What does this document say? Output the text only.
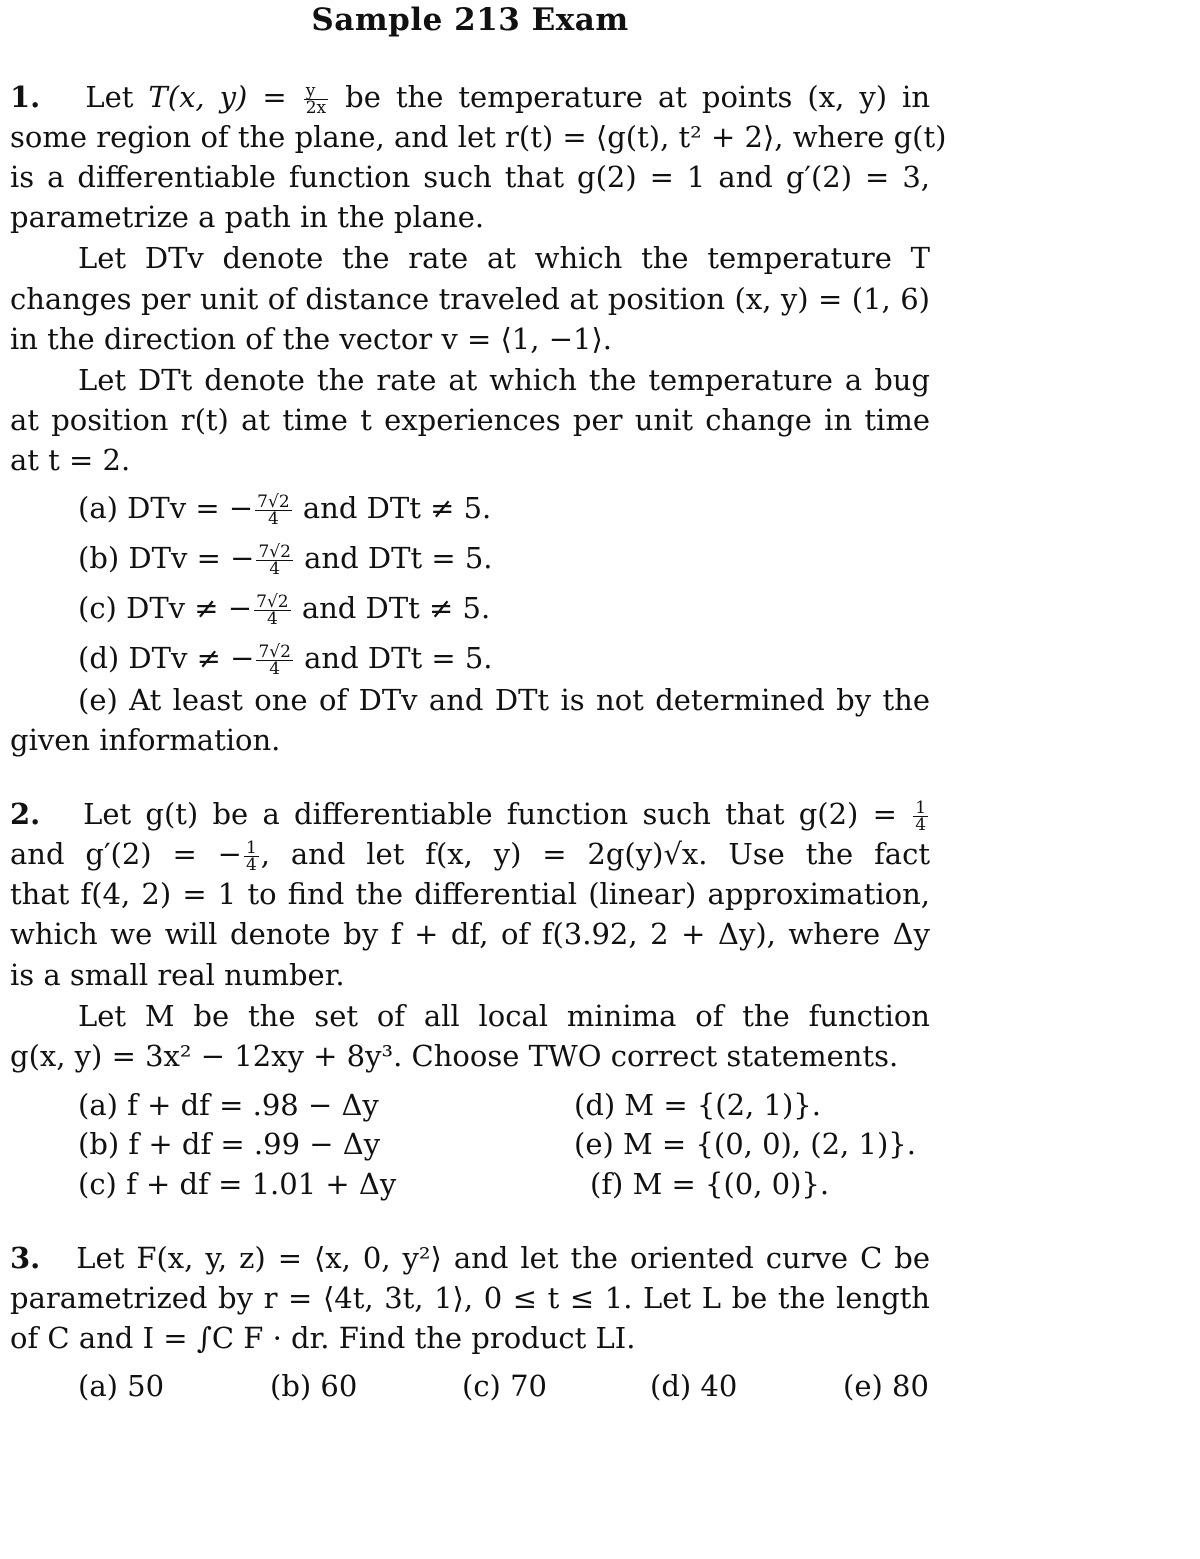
Sample 213 Exam
1. Let T(x, $y) = \frac{y}{2x}$ be the temperature at points (x, y) in
some region of the plane, and let r(t) = ⟨g(t), t² + 2⟩, where g(t)
is a differentiable function such that g(2) = 1 and g′(2) = 3,
parametrize a path in the plane.
Let DTv denote the rate at which the temperature T
changes per unit of distance traveled at position (x, y) = (1, 6)
in the direction of the vector v = ⟨1, −1⟩.
Let DTt denote the rate at which the temperature a bug
at position r(t) at time t experiences per unit change in time
at t = 2.
(a) DTv = − $\frac{7√2}{4}$ and DTt ≠ 5.
(b) DTv = − $\frac{7√2}{4}$ and DTt = 5.
(c) DTv ≠ − $\frac{7√2}{4}$ and DTt ≠ 5.
(d) DTv ≠ − $\frac{7√2}{4}$ and DTt = 5.
(e) At least one of DTv and DTt is not determined by the
given information.
2. Let g(t) be a differentiable function such that $g(2) = \frac{1}{4}$
and g′(2) = − $\frac{1}{4}$ , and let f(x, y) = 2g(y)√x. Use the fact
that f(4, 2) = 1 to find the differential (linear) approximation,
which we will denote by f + df, of f(3.92, 2 + Δy), where Δy
is a small real number.
Let M be the set of all local minima of the function
g(x, y) = 3x² − 12xy + 8y³. Choose TWO correct statements.
(a) f + df = .98 − Δy
(b) f + df = .99 − Δy
(c) f + df = 1.01 + Δy
(d) M = {(2, 1)}.
(e) M = {(0, 0), (2, 1)}.
(f) M = {(0, 0)}.
3. Let F(x, y, z) = ⟨x, 0, y²⟩ and let the oriented curve C be
parametrized by r = ⟨4t, 3t, 1⟩, 0 ≤ t ≤ 1. Let L be the length
of C and I = ∫C F · dr. Find the product LI.
(a) 50	(b) 60	(c) 70	(d) 40	(e) 80
